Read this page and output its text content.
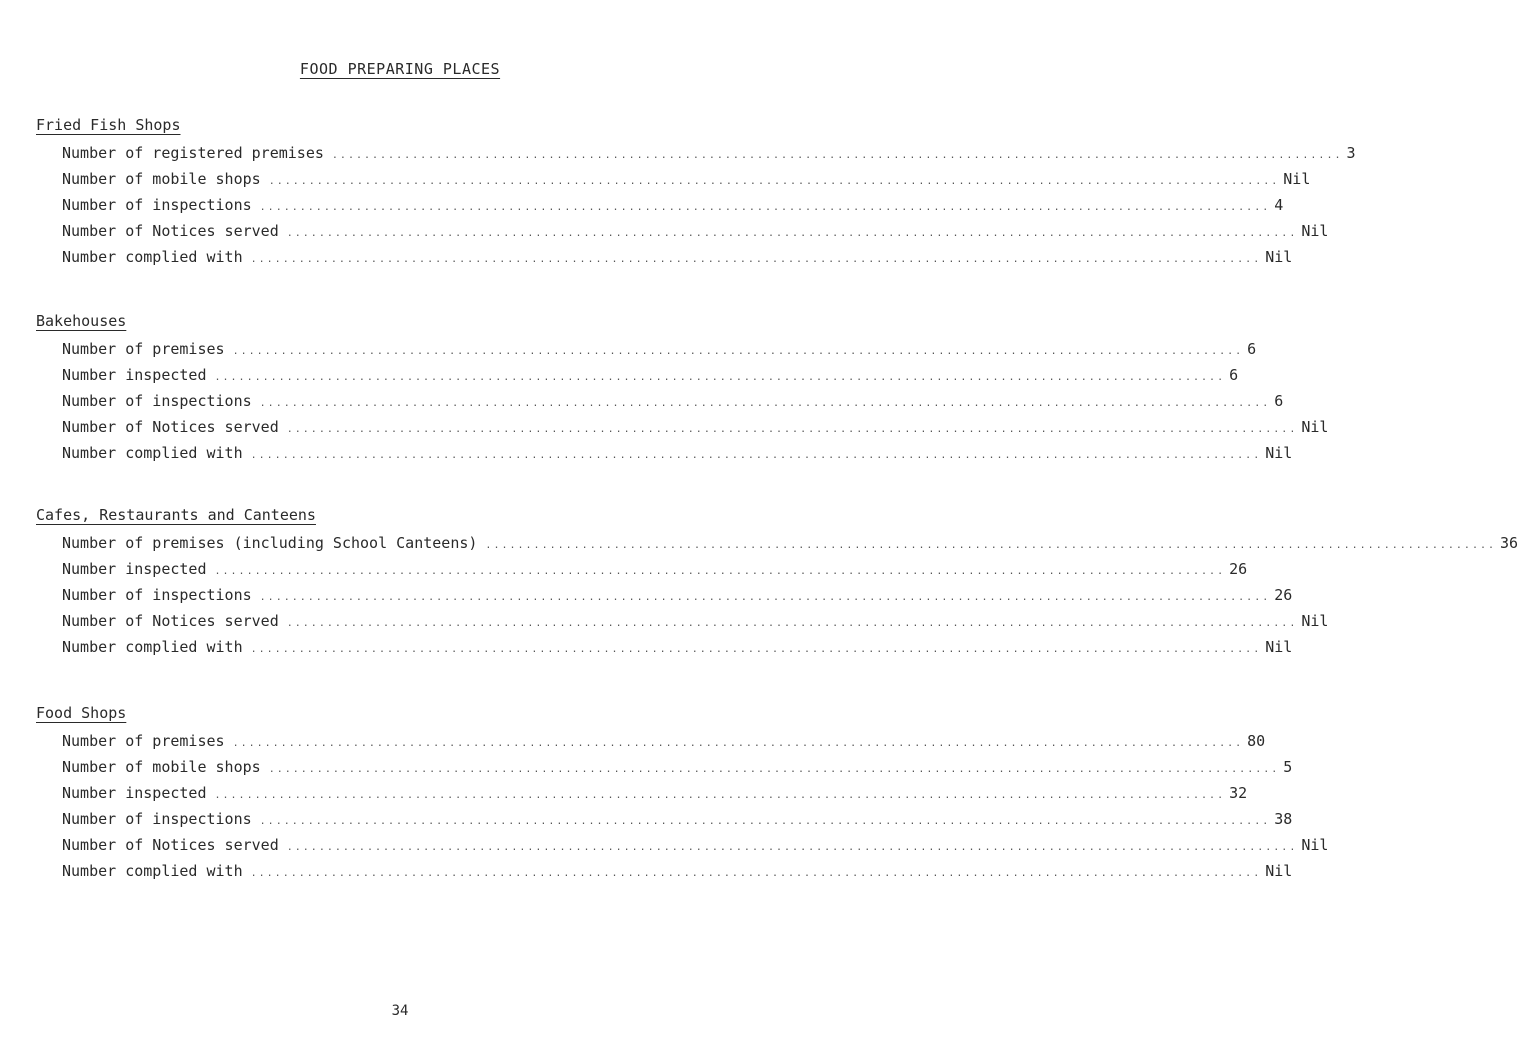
FOOD PREPARING PLACES
Fried Fish Shops
Number of registered premises .............................................................................................................................. 3
Number of mobile shops .............................................................................................................................. Nil
Number of inspections .............................................................................................................................. 4
Number of Notices served .............................................................................................................................. Nil
Number complied with .............................................................................................................................. Nil
Bakehouses
Number of premises .............................................................................................................................. 6
Number inspected .............................................................................................................................. 6
Number of inspections .............................................................................................................................. 6
Number of Notices served .............................................................................................................................. Nil
Number complied with .............................................................................................................................. Nil
Cafes, Restaurants and Canteens
Number of premises (including School Canteens) .............................................................................................................................. 36
Number inspected .............................................................................................................................. 26
Number of inspections .............................................................................................................................. 26
Number of Notices served .............................................................................................................................. Nil
Number complied with .............................................................................................................................. Nil
Food Shops
Number of premises .............................................................................................................................. 80
Number of mobile shops .............................................................................................................................. 5
Number inspected .............................................................................................................................. 32
Number of inspections .............................................................................................................................. 38
Number of Notices served .............................................................................................................................. Nil
Number complied with .............................................................................................................................. Nil
34
